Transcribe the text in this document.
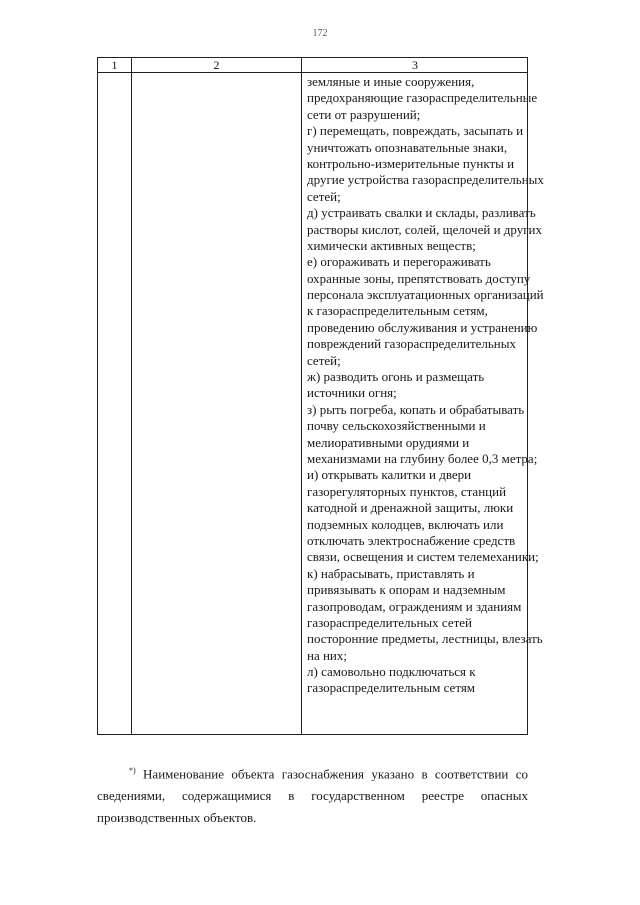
172
1	2	3
земляные и иные сооружения,
предохраняющие газораспределительные
сети от разрушений;
г) перемещать, повреждать, засыпать и
уничтожать опознавательные знаки,
контрольно-измерительные пункты и
другие устройства газораспределительных
сетей;
д) устраивать свалки и склады, разливать
растворы кислот, солей, щелочей и других
химически активных веществ;
е) огораживать и перегораживать
охранные зоны, препятствовать доступу
персонала эксплуатационных организаций
к газораспределительным сетям,
проведению обслуживания и устранению
повреждений газораспределительных
сетей;
ж) разводить огонь и размещать
источники огня;
з) рыть погреба, копать и обрабатывать
почву сельскохозяйственными и
мелиоративными орудиями и
механизмами на глубину более 0,3 метра;
и) открывать калитки и двери
газорегуляторных пунктов, станций
катодной и дренажной защиты, люки
подземных колодцев, включать или
отключать электроснабжение средств
связи, освещения и систем телемеханики;
к) набрасывать, приставлять и
привязывать к опорам и надземным
газопроводам, ограждениям и зданиям
газораспределительных сетей
посторонние предметы, лестницы, влезать
на них;
л) самовольно подключаться к
газораспределительным сетям
*) Наименование объекта газоснабжения указано в соответствии со
сведениями, содержащимися в государственном реестре опасных
производственных объектов.
